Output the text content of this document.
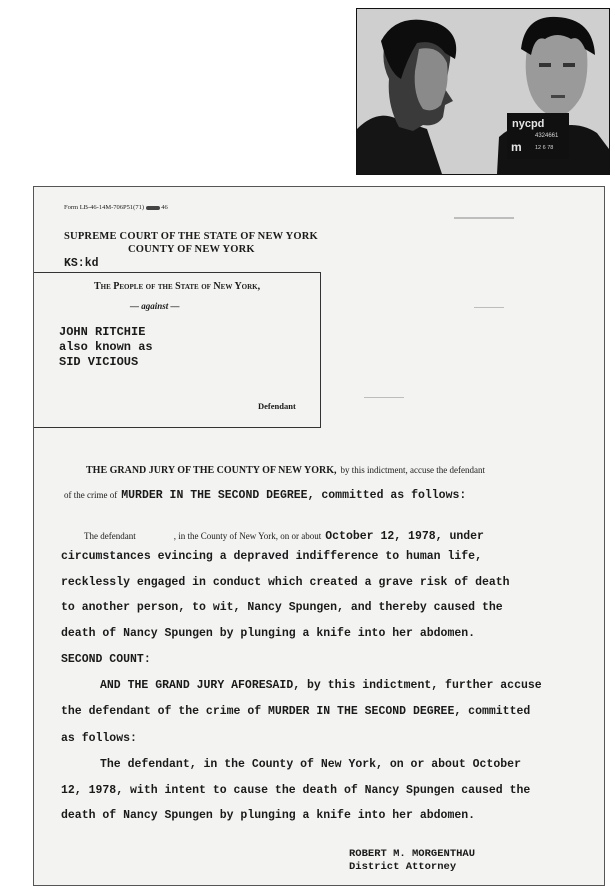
nycpd
4324661
m 12 6 78
Form LB-46-14M-706P51(71)	46
SUPREME COURT OF THE STATE OF NEW YORK
COUNTY OF NEW YORK
KS:kd
The People of the State of New York,
— against —
JOHN RITCHIE
also known as
SID VICIOUS
Defendant
THE GRAND JURY OF THE COUNTY OF NEW YORK, by this indictment, accuse the defendant
of the crime of MURDER IN THE SECOND DEGREE, committed as follows:
The defendant	, in the County of New York, on or about October 12, 1978, under
circumstances evincing a depraved indifference to human life,
recklessly engaged in conduct which created a grave risk of death
to another person, to wit, Nancy Spungen, and thereby caused the
death of Nancy Spungen by plunging a knife into her abdomen.
SECOND COUNT:
AND THE GRAND JURY AFORESAID, by this indictment, further accuse
the defendant of the crime of MURDER IN THE SECOND DEGREE, committed
as follows:
The defendant, in the County of New York, on or about October
12, 1978, with intent to cause the death of Nancy Spungen caused the
death of Nancy Spungen by plunging a knife into her abdomen.
ROBERT M. MORGENTHAU
District Attorney
